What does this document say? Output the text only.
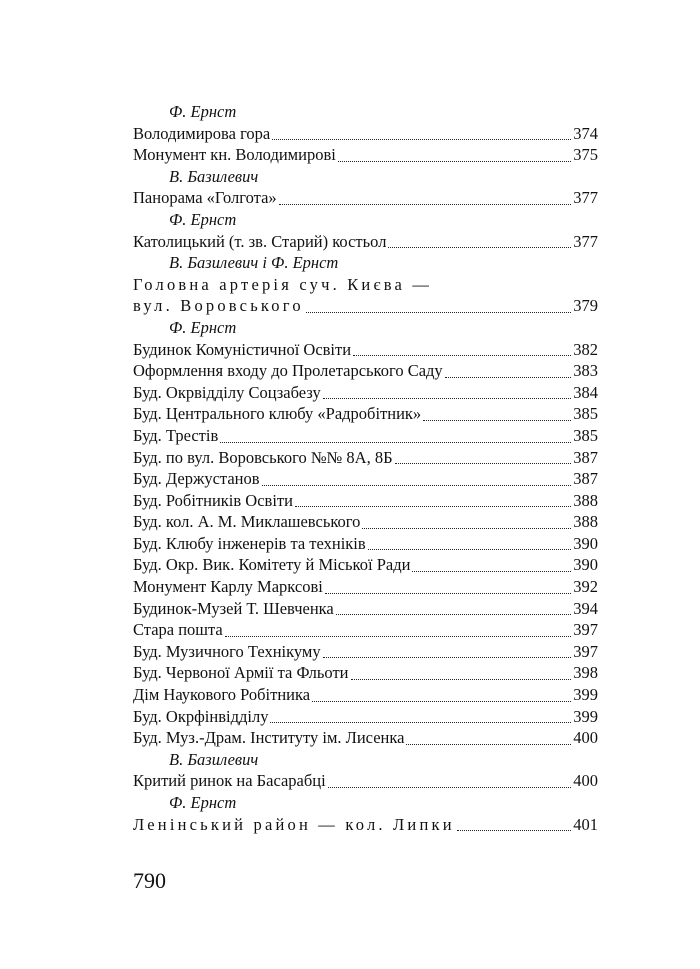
Ф. Ернст
Володимирова гора	374
Монумент кн. Володимирові	375
В. Базилевич
Панорама «Голгота»	377
Ф. Ернст
Католицький (т. зв. Старий) костьол	377
В. Базилевич і Ф. Ернст
Головна артерія суч. Києва —
вул. Воровського	379
Ф. Ернст
Будинок Комуністичної Освіти	382
Оформлення входу до Пролетарського Саду	383
Буд. Окрвідділу Соцзабезу	384
Буд. Центрального клюбу «Радробітник»	385
Буд. Трестів	385
Буд. по вул. Воровського №№ 8А, 8Б	387
Буд. Держустанов	387
Буд. Робітників Освіти	388
Буд. кол. А. М. Миклашевського	388
Буд. Клюбу інженерів та техніків	390
Буд. Окр. Вик. Комітету й Міської Ради	390
Монумент Карлу Марксові	392
Будинок-Музей Т. Шевченка	394
Стара пошта	397
Буд. Музичного Технікуму	397
Буд. Червоної Армії та Фльоти	398
Дім Наукового Робітника	399
Буд. Окрфінвідділу	399
Буд. Муз.-Драм. Інституту ім. Лисенка	400
В. Базилевич
Критий ринок на Басарабці	400
Ф. Ернст
Ленінський район — кол. Липки	401
790
